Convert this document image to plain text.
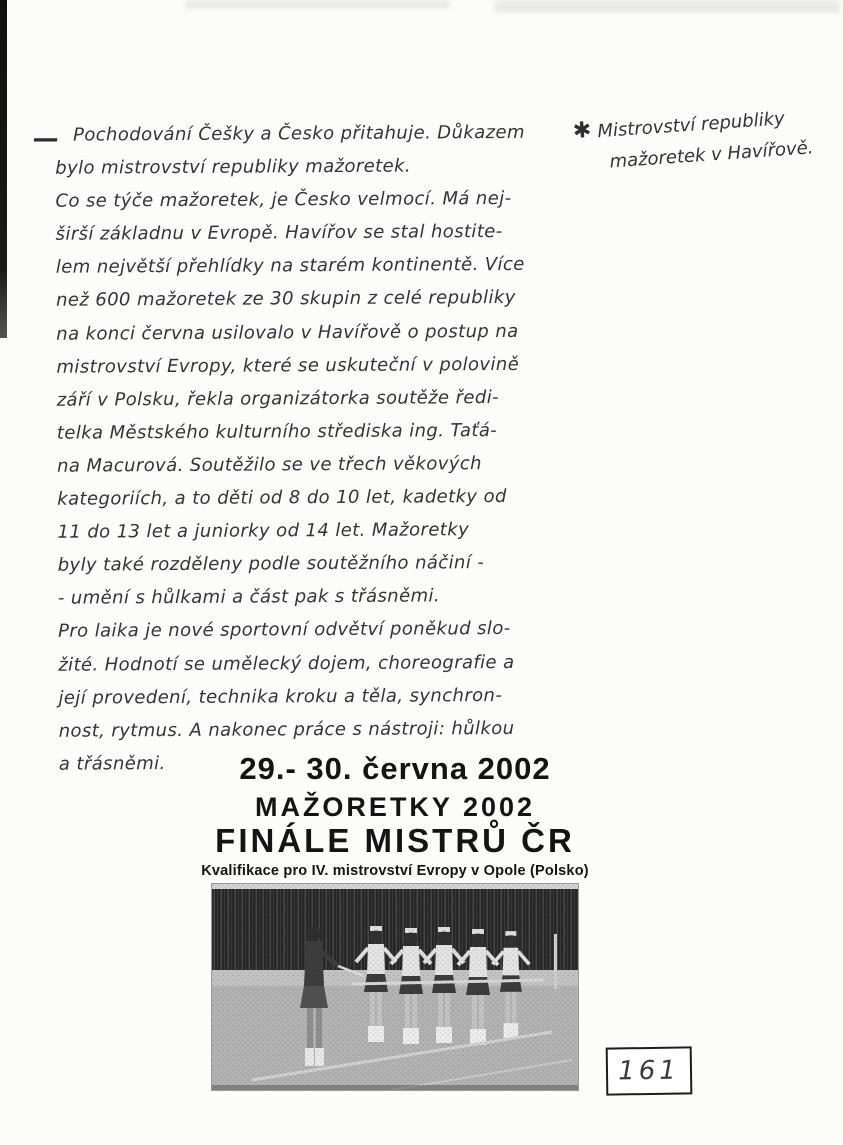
— Pochodování Češky a Česko přitahuje. Důkazem
bylo mistrovství republiky mažoretek.
Co se týče mažoretek, je Česko velmocí. Má nej-
širší základnu v Evropě. Havířov se stal hostite-
lem největší přehlídky na starém kontinentě. Více
než 600 mažoretek ze 30 skupin z celé republiky
na konci června usilovalo v Havířově o postup na
mistrovství Evropy, které se uskuteční v polovině
září v Polsku, řekla organizátorka soutěže ředi-
telka Městského kulturního střediska ing. Taťá-
na Macurová. Soutěžilo se ve třech věkových
kategoriích, a to děti od 8 do 10 let, kadetky od
11 do 13 let a juniorky od 14 let. Mažoretky
byly také rozděleny podle soutěžního náčiní -
- umění s hůlkami a část pak s třásněmi.
Pro laika je nové sportovní odvětví poněkud slo-
žité. Hodnotí se umělecký dojem, choreografie a
její provedení, technika kroku a těla, synchron-
nost, rytmus. A nakonec práce s nástroji: hůlkou
a třásněmi.
✱ Mistrovství republiky
mažoretek v Havířově.
29.- 30. června 2002
MAŽORETKY 2002
FINÁLE MISTRŮ ČR
Kvalifikace pro IV. mistrovství Evropy v Opole (Polsko)
161
